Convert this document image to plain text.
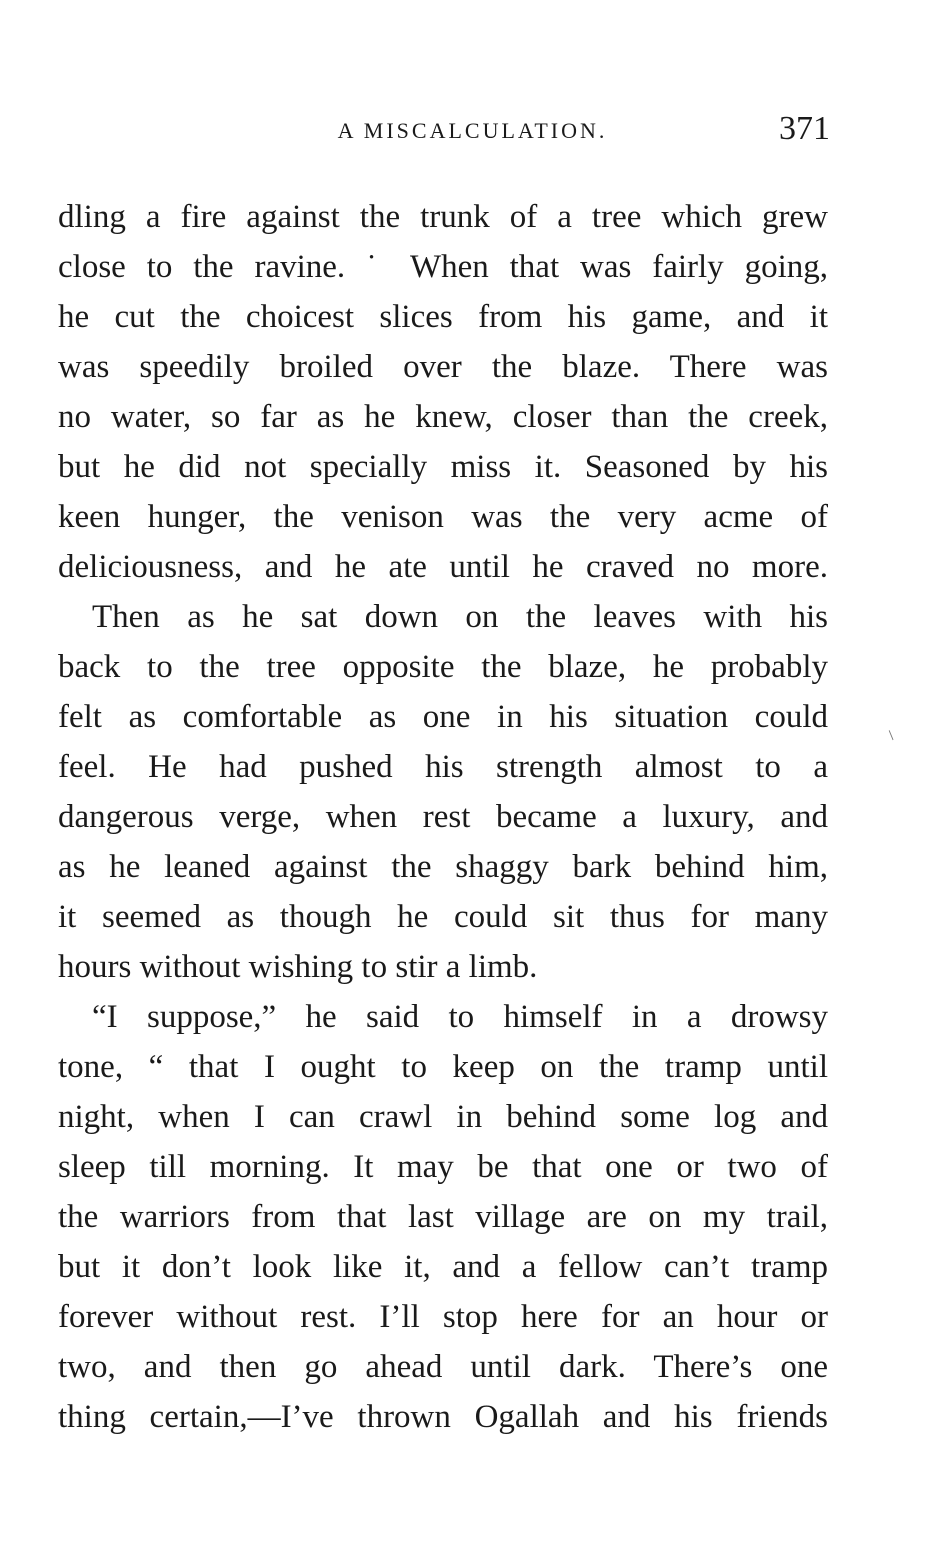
A MISCALCULATION.	371
dling a fire against the trunk of a tree which grew
close to the ravine. ˙ When that was fairly going,
he cut the choicest slices from his game, and it
was speedily broiled over the blaze. There was
no water, so far as he knew, closer than the creek,
but he did not specially miss it. Seasoned by his
keen hunger, the venison was the very acme of
deliciousness, and he ate until he craved no more.
Then as he sat down on the leaves with his
back to the tree opposite the blaze, he probably
felt as comfortable as one in his situation could
feel. He had pushed his strength almost to a
dangerous verge, when rest became a luxury, and
as he leaned against the shaggy bark behind him,
it seemed as though he could sit thus for many
hours without wishing to stir a limb.
“I suppose,” he said to himself in a drowsy
tone, “ that I ought to keep on the tramp until
night, when I can crawl in behind some log and
sleep till morning. It may be that one or two of
the warriors from that last village are on my trail,
but it don’t look like it, and a fellow can’t tramp
forever without rest. I’ll stop here for an hour or
two, and then go ahead until dark. There’s one
thing certain,—I’ve thrown Ogallah and his friends
/
